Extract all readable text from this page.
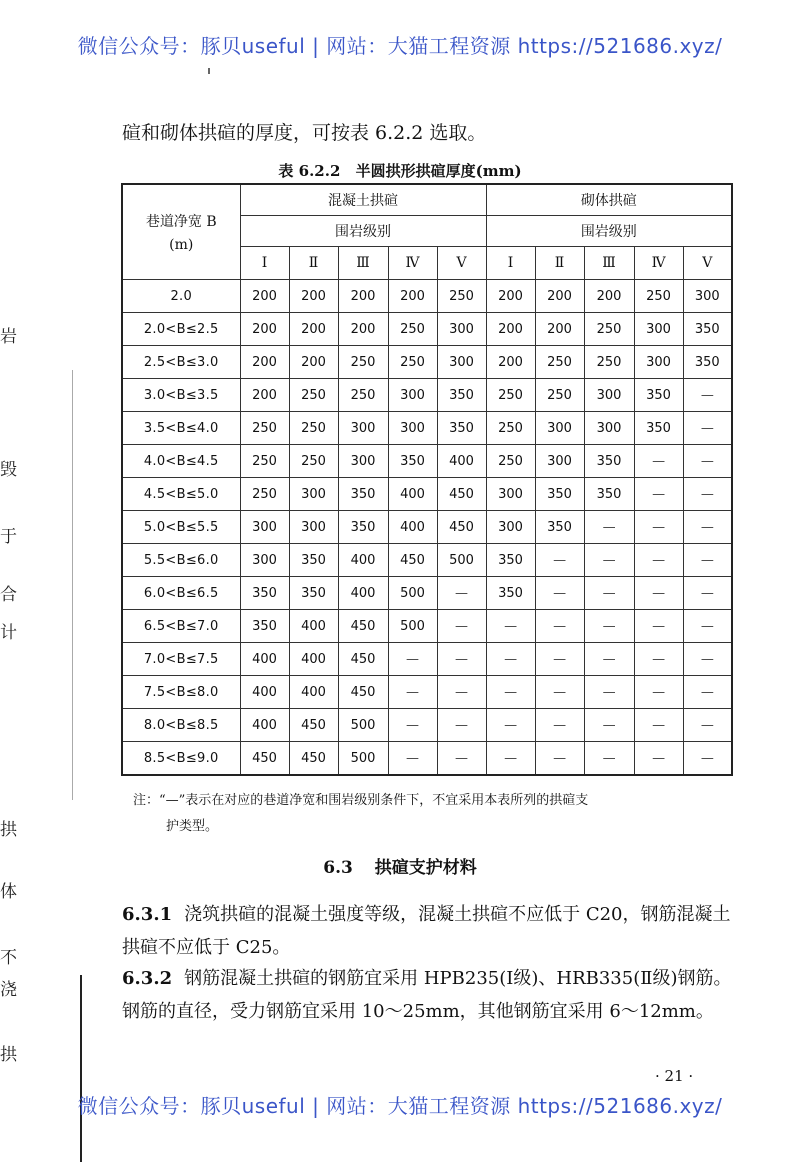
微信公众号：豚贝useful | 网站：大猫工程资源 https://521686.xyz/
岩
毁
于
合
计
拱
体
不
浇
拱
碹和砌体拱碹的厚度，可按表 6.2.2 选取。
表 6.2.2 半圆拱形拱碹厚度(mm)
巷道净宽 B
(m)	混凝土拱碹					砌体拱碹				
	围岩级别					围岩级别				
	Ⅰ	Ⅱ	Ⅲ	Ⅳ	Ⅴ	Ⅰ	Ⅱ	Ⅲ	Ⅳ	Ⅴ
2.0	200	200	200	200	250	200	200	200	250	300
2.0<B≤2.5	200	200	200	250	300	200	200	250	300	350
2.5<B≤3.0	200	200	250	250	300	200	250	250	300	350
3.0<B≤3.5	200	250	250	300	350	250	250	300	350	—
3.5<B≤4.0	250	250	300	300	350	250	300	300	350	—
4.0<B≤4.5	250	250	300	350	400	250	300	350	—	—
4.5<B≤5.0	250	300	350	400	450	300	350	350	—	—
5.0<B≤5.5	300	300	350	400	450	300	350	—	—	—
5.5<B≤6.0	300	350	400	450	500	350	—	—	—	—
6.0<B≤6.5	350	350	400	500	—	350	—	—	—	—
6.5<B≤7.0	350	400	450	500	—	—	—	—	—	—
7.0<B≤7.5	400	400	450	—	—	—	—	—	—	—
7.5<B≤8.0	400	400	450	—	—	—	—	—	—	—
8.0<B≤8.5	400	450	500	—	—	—	—	—	—	—
8.5<B≤9.0	450	450	500	—	—	—	—	—	—	—
注：“—”表示在对应的巷道净宽和围岩级别条件下，不宜采用本表所列的拱碹支
护类型。
6.3 拱碹支护材料
6.3.1 浇筑拱碹的混凝土强度等级，混凝土拱碹不应低于 C20，钢筋混凝土拱碹不应低于 C25。
6.3.2 钢筋混凝土拱碹的钢筋宜采用 HPB235(Ⅰ级)、HRB335(Ⅱ级)钢筋。钢筋的直径，受力钢筋宜采用 10～25mm，其他钢筋宜采用 6～12mm。
· 21 ·
微信公众号：豚贝useful | 网站：大猫工程资源 https://521686.xyz/
